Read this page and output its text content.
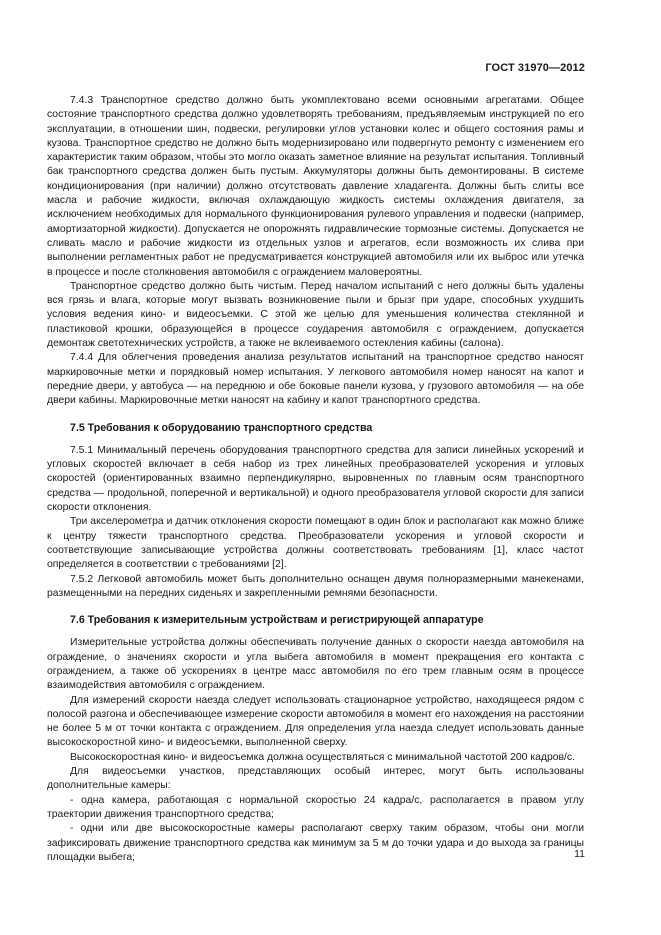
ГОСТ 31970—2012

7.4.3 Транспортное средство должно быть укомплектовано всеми основными агрегатами. Общее состояние транспортного средства должно удовлетворять требованиям, предъявляемым инструкцией по его эксплуатации, в отношении шин, подвески, регулировки углов установки колес и общего состояния рамы и кузова. Транспортное средство не должно быть модернизировано или подвергнуто ремонту с изменением его характеристик таким образом, чтобы это могло оказать заметное влияние на результат испытания. Топливный бак транспортного средства должен быть пустым. Аккумуляторы должны быть демонтированы. В системе кондиционирования (при наличии) должно отсутствовать давление хладагента. Должны быть слиты все масла и рабочие жидкости, включая охлаждающую жидкость системы охлаждения двигателя, за исключением необходимых для нормального функционирования рулевого управления и подвески (например, амортизаторной жидкости). Допускается не опорожнять гидравлические тормозные системы. Допускается не сливать масло и рабочие жидкости из отдельных узлов и агрегатов, если возможность их слива при выполнении регламентных работ не предусматривается конструкцией автомобиля или их выброс или утечка в процессе и после столкновения автомобиля с ограждением маловероятны.

Транспортное средство должно быть чистым. Перед началом испытаний с него должны быть удалены вся грязь и влага, которые могут вызвать возникновение пыли и брызг при ударе, способных ухудшить условия ведения кино- и видеосъемки. С этой же целью для уменьшения количества стеклянной и пластиковой крошки, образующейся в процессе соударения автомобиля с ограждением, допускается демонтаж светотехнических устройств, а также не вклеиваемого остекления кабины (салона).

7.4.4 Для облегчения проведения анализа результатов испытаний на транспортное средство наносят маркировочные метки и порядковый номер испытания. У легкового автомобиля номер наносят на капот и передние двери, у автобуса — на переднюю и обе боковые панели кузова, у грузового автомобиля — на обе двери кабины. Маркировочные метки наносят на кабину и капот транспортного средства.

7.5 Требования к оборудованию транспортного средства

7.5.1 Минимальный перечень оборудования транспортного средства для записи линейных ускорений и угловых скоростей включает в себя набор из трех линейных преобразователей ускорения и угловых скоростей (ориентированных взаимно перпендикулярно, выровненных по главным осям транспортного средства — продольной, поперечной и вертикальной) и одного преобразователя угловой скорости для записи скорости отклонения.

Три акселерометра и датчик отклонения скорости помещают в один блок и располагают как можно ближе к центру тяжести транспортного средства. Преобразователи ускорения и угловой скорости и соответствующие записывающие устройства должны соответствовать требованиям [1], класс частот определяется в соответствии с требованиями [2].

7.5.2 Легковой автомобиль может быть дополнительно оснащен двумя полноразмерными манекенами, размещенными на передних сиденьях и закрепленными ремнями безопасности.

7.6 Требования к измерительным устройствам и регистрирующей аппаратуре

Измерительные устройства должны обеспечивать получение данных о скорости наезда автомобиля на ограждение, о значениях скорости и угла выбега автомобиля в момент прекращения его контакта с ограждением, а также об ускорениях в центре масс автомобиля по его трем главным осям в процессе взаимодействия автомобиля с ограждением.

Для измерений скорости наезда следует использовать стационарное устройство, находящееся рядом с полосой разгона и обеспечивающее измерение скорости автомобиля в момент его нахождения на расстоянии не более 5 м от точки контакта с ограждением. Для определения угла наезда следует использовать данные высокоскоростной кино- и видеосъемки, выполненной сверху.

Высокоскоростная кино- и видеосъемка должна осуществляться с минимальной частотой 200 кадров/с.

Для видеосъемки участков, представляющих особый интерес, могут быть использованы дополнительные камеры:

- одна камера, работающая с нормальной скоростью 24 кадра/с, располагается в правом углу траектории движения транспортного средства;

- одни или две высокоскоростные камеры располагают сверху таким образом, чтобы они могли зафиксировать движение транспортного средства как минимум за 5 м до точки удара и до выхода за границы площадки выбега;	11
